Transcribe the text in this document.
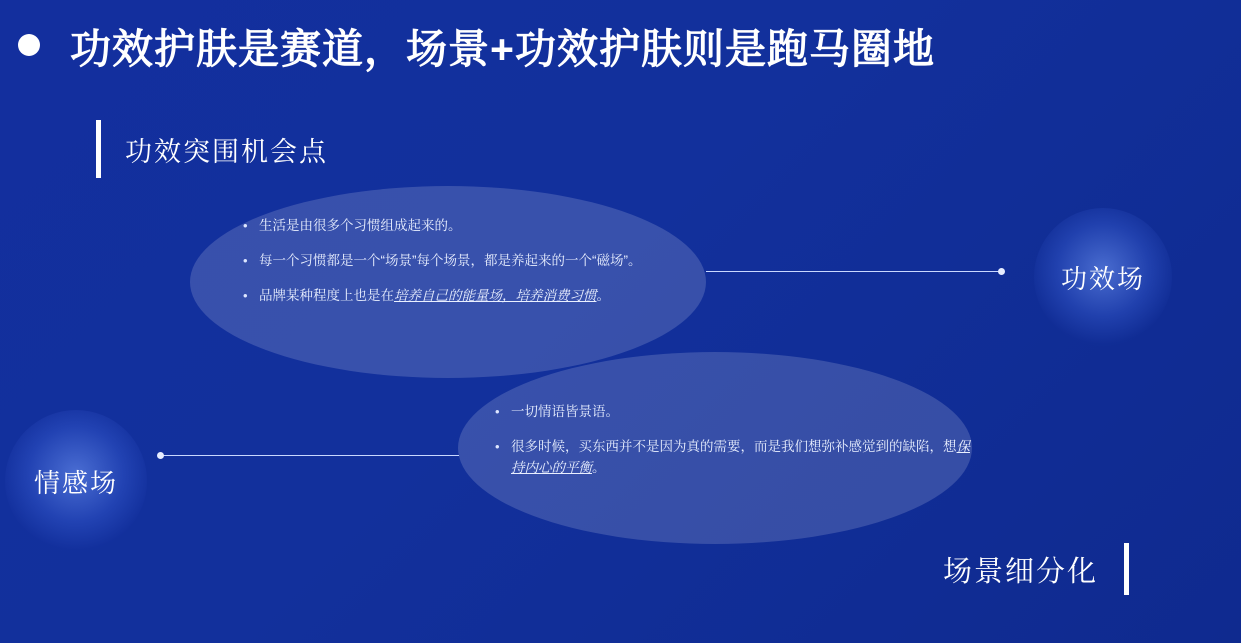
功效护肤是赛道，场景+功效护肤则是跑马圈地
功效突围机会点
功效场
情感场
• 生活是由很多个习惯组成起来的。
• 每一个习惯都是一个“场景”每个场景，都是养起来的一个“磁场”。
• 品牌某种程度上也是在培养自己的能量场，培养消费习惯。
• 一切情语皆景语。
• 很多时候，买东西并不是因为真的需要，而是我们想弥补感觉到的缺陷，想保持内心的平衡。
场景细分化
